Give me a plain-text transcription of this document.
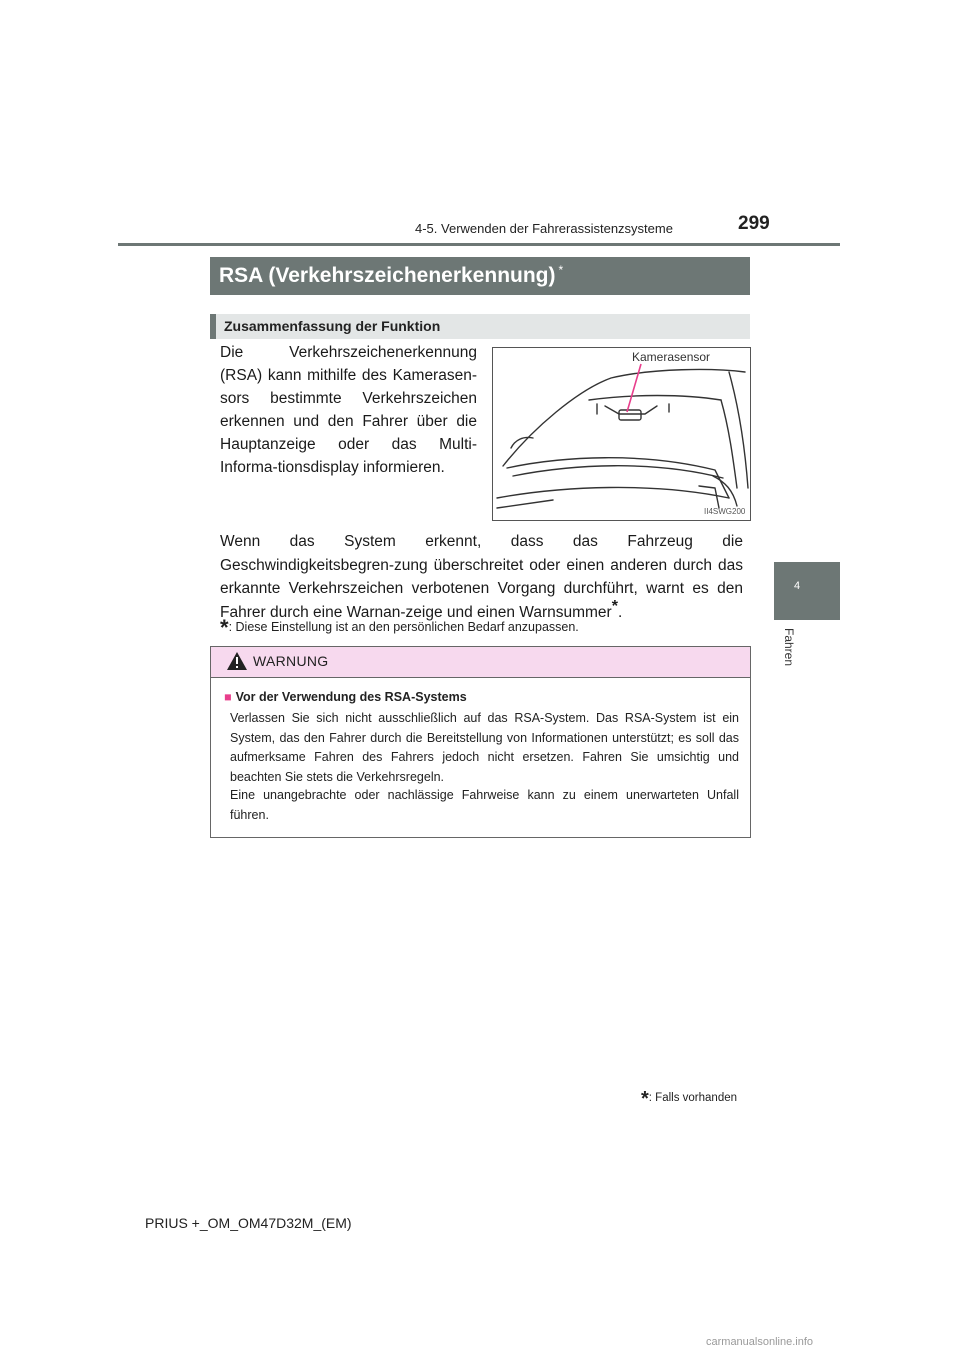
4-5. Verwenden der Fahrerassistenzsysteme	299
4
Fahren
RSA (Verkehrszeichenerkennung) *
Zusammenfassung der Funktion
Die Verkehrszeichenerkennung (RSA) kann mithilfe des Kamerasen-sors bestimmte Verkehrszeichen erkennen und den Fahrer über die Hauptanzeige oder das Multi-Informa-tionsdisplay informieren.
Kamerasensor
II4SWG200
Wenn das System erkennt, dass das Fahrzeug die Geschwindigkeitsbegren-zung überschreitet oder einen anderen durch das erkannte Verkehrszeichen verbotenen Vorgang durchführt, warnt es den Fahrer durch eine Warnan-zeige und einen Warnsummer*.
*: Diese Einstellung ist an den persönlichen Bedarf anzupassen.
WARNUNG
■ Vor der Verwendung des RSA-Systems
Verlassen Sie sich nicht ausschließlich auf das RSA-System. Das RSA-System ist ein System, das den Fahrer durch die Bereitstellung von Informationen unterstützt; es soll das aufmerksame Fahren des Fahrers jedoch nicht ersetzen. Fahren Sie umsichtig und beachten Sie stets die Verkehrsregeln.
Eine unangebrachte oder nachlässige Fahrweise kann zu einem unerwarteten Unfall führen.
*: Falls vorhanden
PRIUS +_OM_OM47D32M_(EM)
carmanualsonline.info
